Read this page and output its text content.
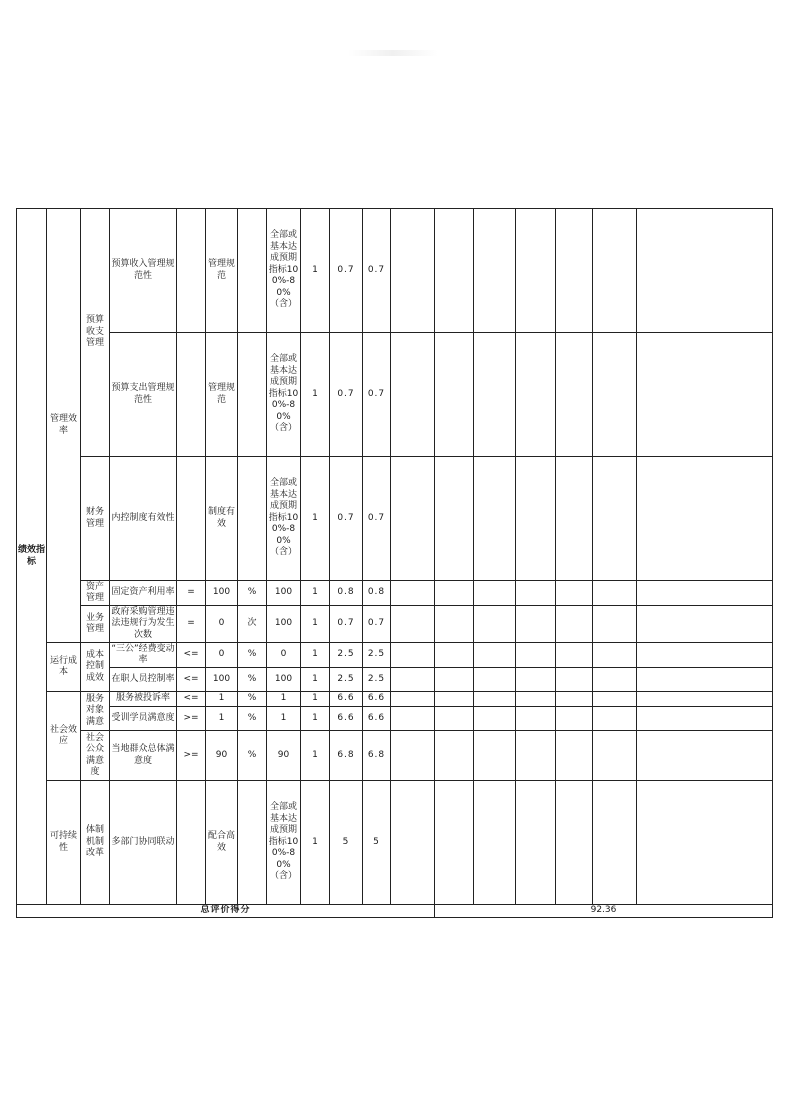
绩效指标	管理效率	预算收支管理	预算收入管理规范性		管理规范		全部或基本达成预期指标100%-80%（含）	1	0.7	0.7							
			预算支出管理规范性		管理规范		全部或基本达成预期指标100%-80%（含）	1	0.7	0.7							
		财务管理	内控制度有效性		制度有效		全部或基本达成预期指标100%-80%（含）	1	0.7	0.7							
		资产管理	固定资产利用率	=	100	%	100	1	0.8	0.8							
		业务管理	政府采购管理违法违规行为发生次数	=	0	次	100	1	0.7	0.7							
	运行成本	成本控制成效	“三公”经费变动率	<=	0	%	0	1	2.5	2.5							
			在职人员控制率	<=	100	%	100	1	2.5	2.5							
	社会效应	服务对象满意	服务被投诉率	<=	1	%	1	1	6.6	6.6							
			受训学员满意度	>=	1	%	1	1	6.6	6.6							
		社会公众满意度	当地群众总体满意度	>=	90	%	90	1	6.8	6.8							
	可持续性	体制机制改革	多部门协同联动		配合高效		全部或基本达成预期指标100%-80%（含）	1	5	5							
总评价得分												92.36					
